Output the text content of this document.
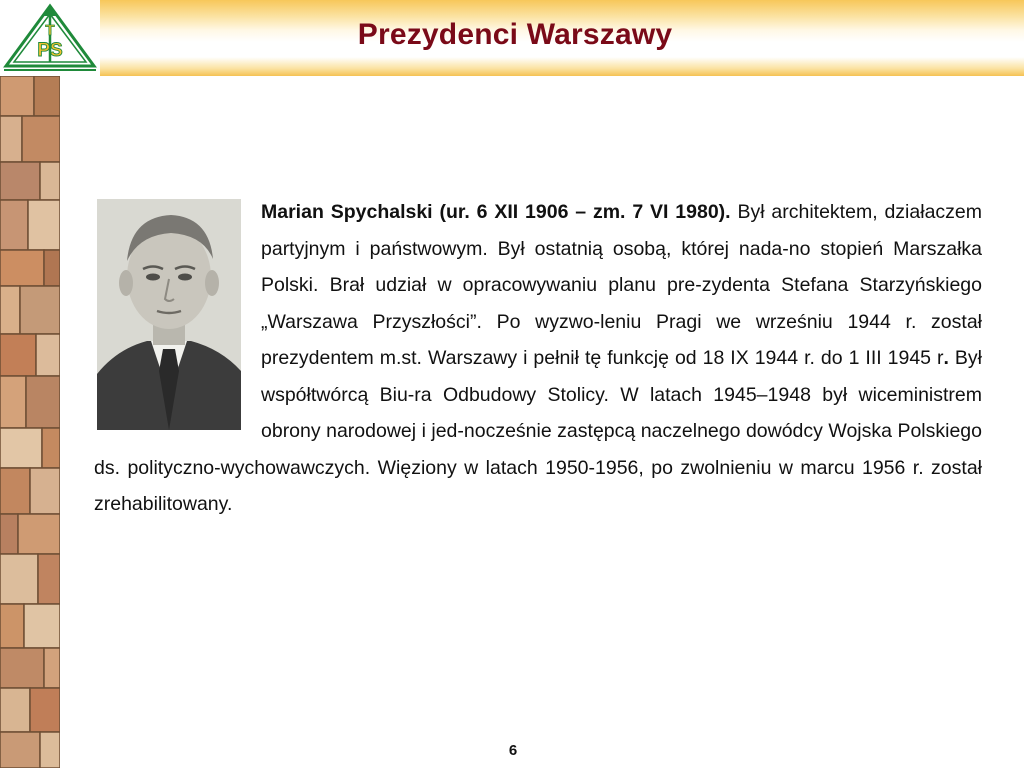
T
PS	Prezydenci Warszawy
Marian Spychalski (ur. 6 XII 1906 – zm. 7 VI 1980). Był architektem, działaczem partyjnym i państwowym. Był ostatnią osobą, której nada-no stopień Marszałka Polski. Brał udział w opracowywaniu planu pre-zydenta Stefana Starzyńskiego „Warszawa Przyszłości”. Po wyzwo-leniu Pragi we wrześniu 1944 r. został prezydentem m.st. Warszawy i pełnił tę funkcję od 18 IX 1944 r. do 1 III 1945 r. Był współtwórcą Biu-ra Odbudowy Stolicy. W latach 1945–1948 był wiceministrem obrony narodowej i jed-nocześnie zastępcą naczelnego dowódcy Wojska Polskiego ds. polityczno-wychowawczych. Więziony w latach 1950-1956, po zwolnieniu w marcu 1956 r. został zrehabilitowany.
6
